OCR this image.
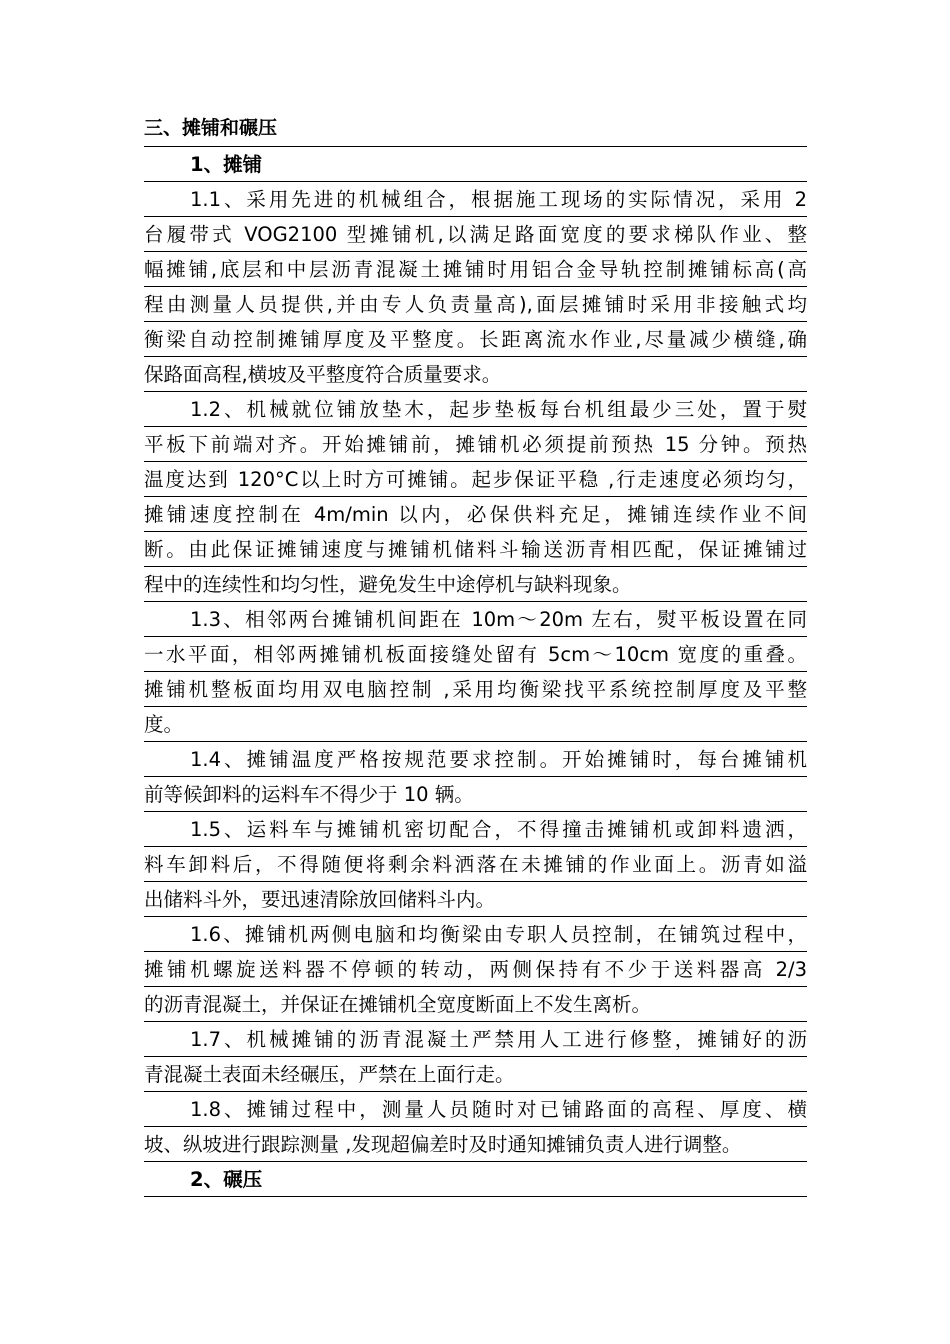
三、摊铺和碾压
1、摊铺
1.1、采用先进的机械组合，根据施工现场的实际情况，采用 2
台履带式 VOG2100 型摊铺机,以满足路面宽度的要求梯队作业、整
幅摊铺,底层和中层沥青混凝土摊铺时用铝合金导轨控制摊铺标高(高
程由测量人员提供,并由专人负责量高),面层摊铺时采用非接触式均
衡梁自动控制摊铺厚度及平整度。长距离流水作业,尽量减少横缝,确
保路面高程,横坡及平整度符合质量要求。
1.2、机械就位铺放垫木，起步垫板每台机组最少三处，置于熨
平板下前端对齐。开始摊铺前，摊铺机必须提前预热 15 分钟。预热
温度达到 120°C以上时方可摊铺。起步保证平稳 ,行走速度必须均匀，
摊铺速度控制在 4m/min 以内，必保供料充足，摊铺连续作业不间
断。由此保证摊铺速度与摊铺机储料斗输送沥青相匹配，保证摊铺过
程中的连续性和均匀性，避免发生中途停机与缺料现象。
1.3、相邻两台摊铺机间距在 10m～20m 左右，熨平板设置在同
一水平面，相邻两摊铺机板面接缝处留有 5cm～10cm 宽度的重叠。
摊铺机整板面均用双电脑控制 ,采用均衡梁找平系统控制厚度及平整
度。
1.4、摊铺温度严格按规范要求控制。开始摊铺时，每台摊铺机
前等候卸料的运料车不得少于 10 辆。
1.5、运料车与摊铺机密切配合，不得撞击摊铺机或卸料遗洒，
料车卸料后，不得随便将剩余料洒落在未摊铺的作业面上。沥青如溢
出储料斗外，要迅速清除放回储料斗内。
1.6、摊铺机两侧电脑和均衡梁由专职人员控制，在铺筑过程中，
摊铺机螺旋送料器不停顿的转动，两侧保持有不少于送料器高 2/3
的沥青混凝土，并保证在摊铺机全宽度断面上不发生离析。
1.7、机械摊铺的沥青混凝土严禁用人工进行修整，摊铺好的沥
青混凝土表面未经碾压，严禁在上面行走。
1.8、摊铺过程中，测量人员随时对已铺路面的高程、厚度、横
坡、纵坡进行跟踪测量 ,发现超偏差时及时通知摊铺负责人进行调整。
2、碾压
